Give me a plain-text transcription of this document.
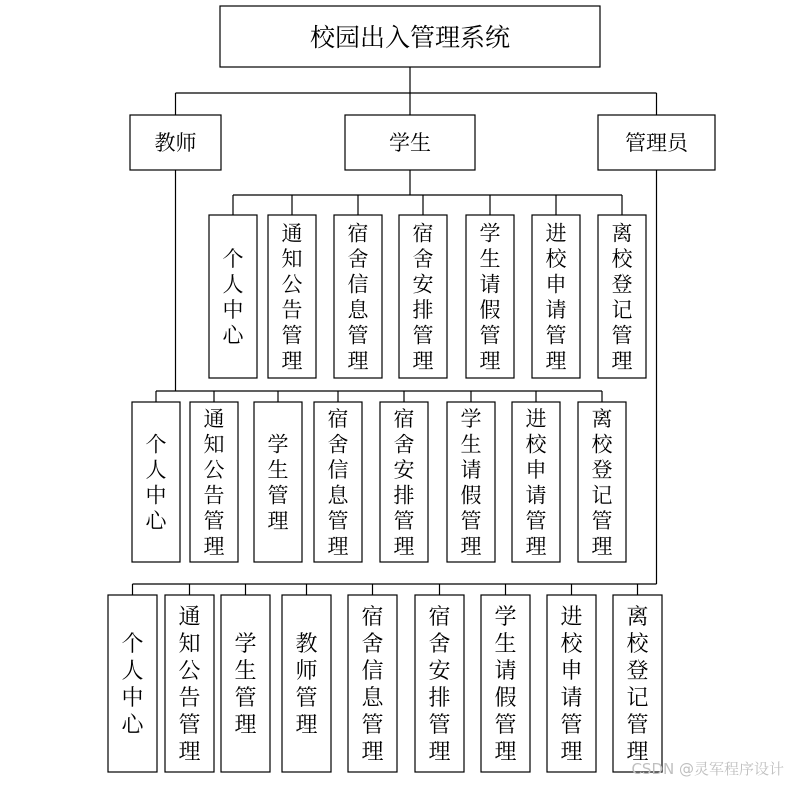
校园出入管理系统
教师	学生	管理员
个人中心
通知公告管理
宿舍信息管理
宿舍安排管理
学生请假管理
进校申请管理
离校登记管理
个人中心
通知公告管理
学生管理
宿舍信息管理
宿舍安排管理
学生请假管理
进校申请管理
离校登记管理
个人中心
通知公告管理
学生管理
教师管理
宿舍信息管理
宿舍安排管理
学生请假管理
进校申请管理
离校登记管理
CSDN @灵军程序设计
